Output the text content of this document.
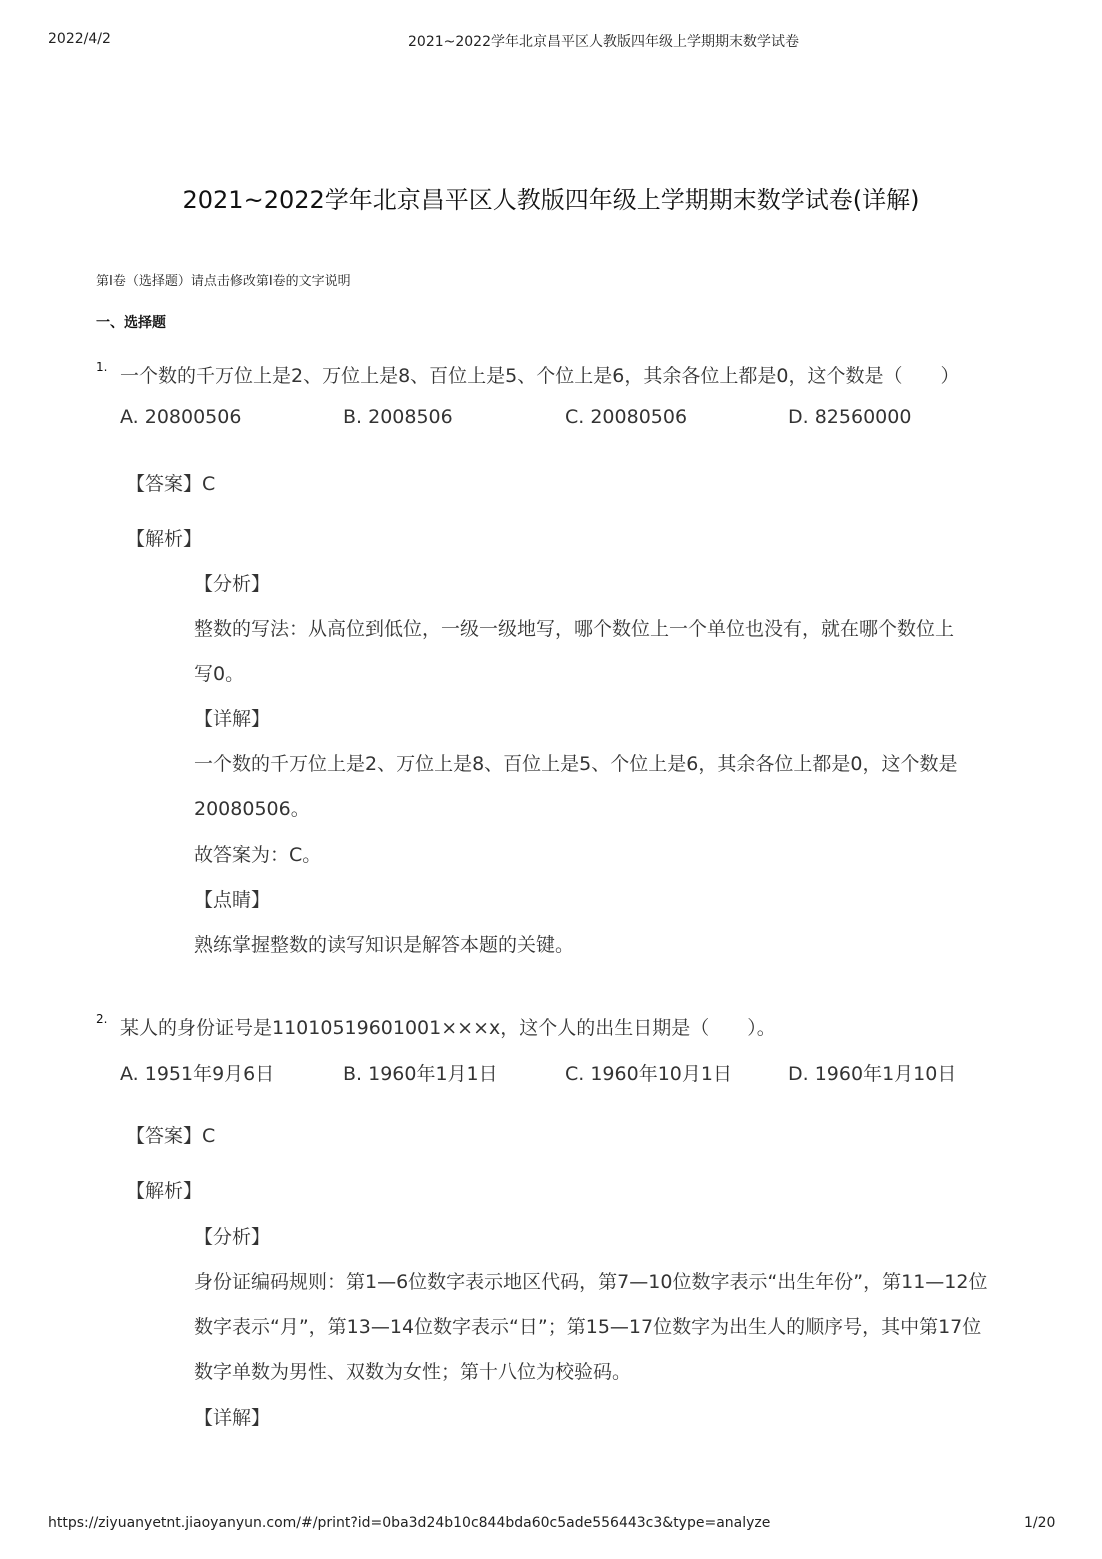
2022/4/2	2021~2022学年北京昌平区人教版四年级上学期期末数学试卷
2021~2022学年北京昌平区人教版四年级上学期期末数学试卷(详解)
第Ⅰ卷（选择题）请点击修改第Ⅰ卷的文字说明
一、选择题
1. 一个数的千万位上是2、万位上是8、百位上是5、个位上是6，其余各位上都是0，这个数是（　　）
A. 20800506	B. 2008506	C. 20080506	D. 82560000
【答案】C
【解析】
【分析】
整数的写法：从高位到低位，一级一级地写，哪个数位上一个单位也没有，就在哪个数位上
写0。
【详解】
一个数的千万位上是2、万位上是8、百位上是5、个位上是6，其余各位上都是0，这个数是
20080506。
故答案为：C。
【点睛】
熟练掌握整数的读写知识是解答本题的关键。
2. 某人的身份证号是11010519601001×××x，这个人的出生日期是（　　）。
A. 1951年9月6日	B. 1960年1月1日	C. 1960年10月1日	D. 1960年1月10日
【答案】C
【解析】
【分析】
身份证编码规则：第1—6位数字表示地区代码，第7—10位数字表示“出生年份”，第11—12位
数字表示“月”，第13—14位数字表示“日”；第15—17位数字为出生人的顺序号，其中第17位
数字单数为男性、双数为女性；第十八位为校验码。
【详解】
https://ziyuanyetnt.jiaoyanyun.com/#/print?id=0ba3d24b10c844bda60c5ade556443c3&type=analyze	1/20
